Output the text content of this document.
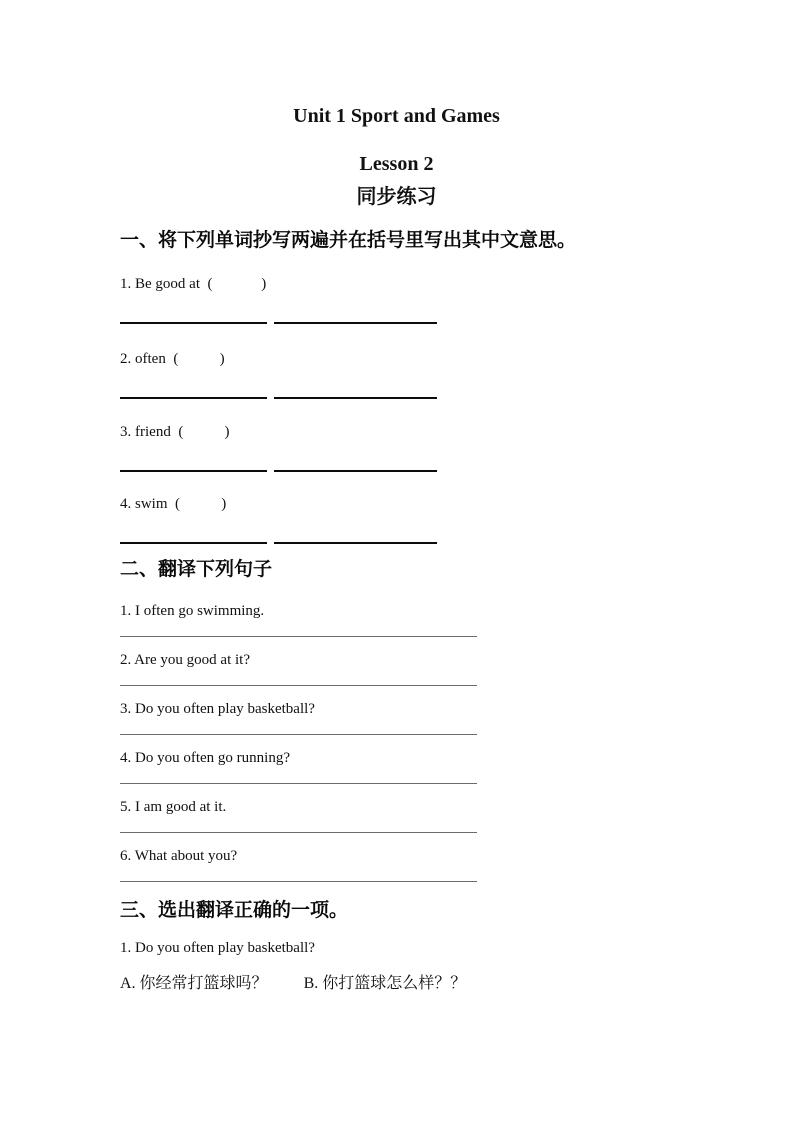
Unit 1 Sport and Games
Lesson 2
同步练习
一、将下列单词抄写两遍并在括号里写出其中文意思。
1. Be good at  (             )
2. often  (           )
3. friend  (           )
4. swim  (           )
二、翻译下列句子
1. I often go swimming.
2. Are you good at it?
3. Do you often play basketball?
4. Do you often go running?
5. I am good at it.
6. What about you?
三、选出翻译正确的一项。
1. Do you often play basketball?
A. 你经常打篮球吗？ B. 你打篮球怎么样？？
